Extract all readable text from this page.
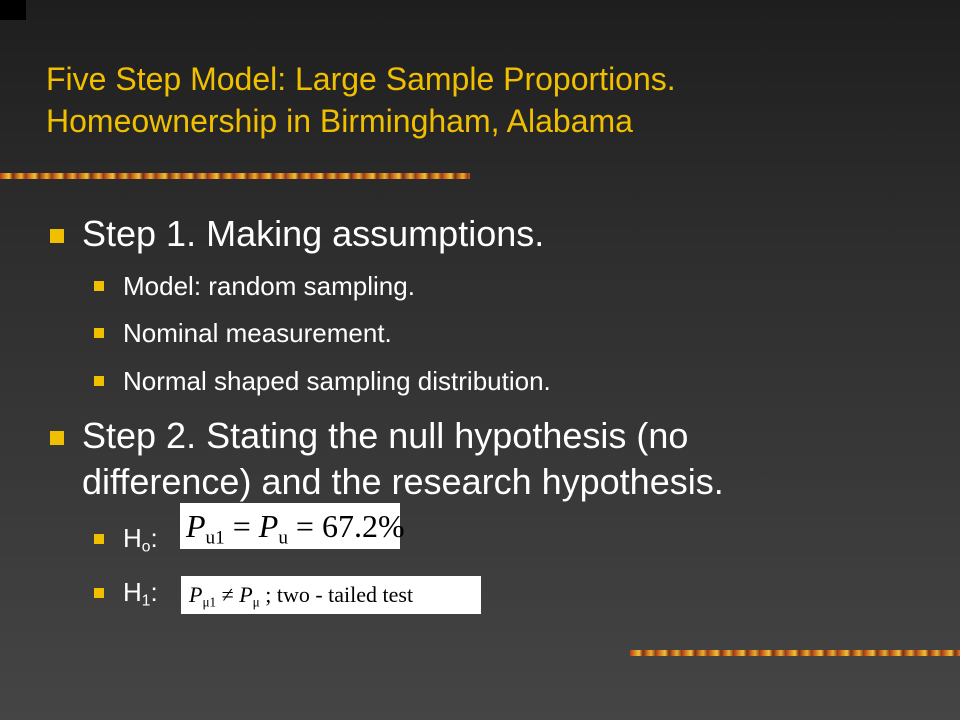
Five Step Model: Large Sample Proportions.
Homeownership in Birmingham, Alabama
Step 1. Making assumptions.
Model: random sampling.
Nominal measurement.
Normal shaped sampling distribution.
Step 2. Stating the null hypothesis (no
difference) and the research hypothesis.
Ho:
H1:
$P_{u1} = P_u = 67.2\%$
$P_{\mu 1} \ne P_\mu$ ; two - tailed test
